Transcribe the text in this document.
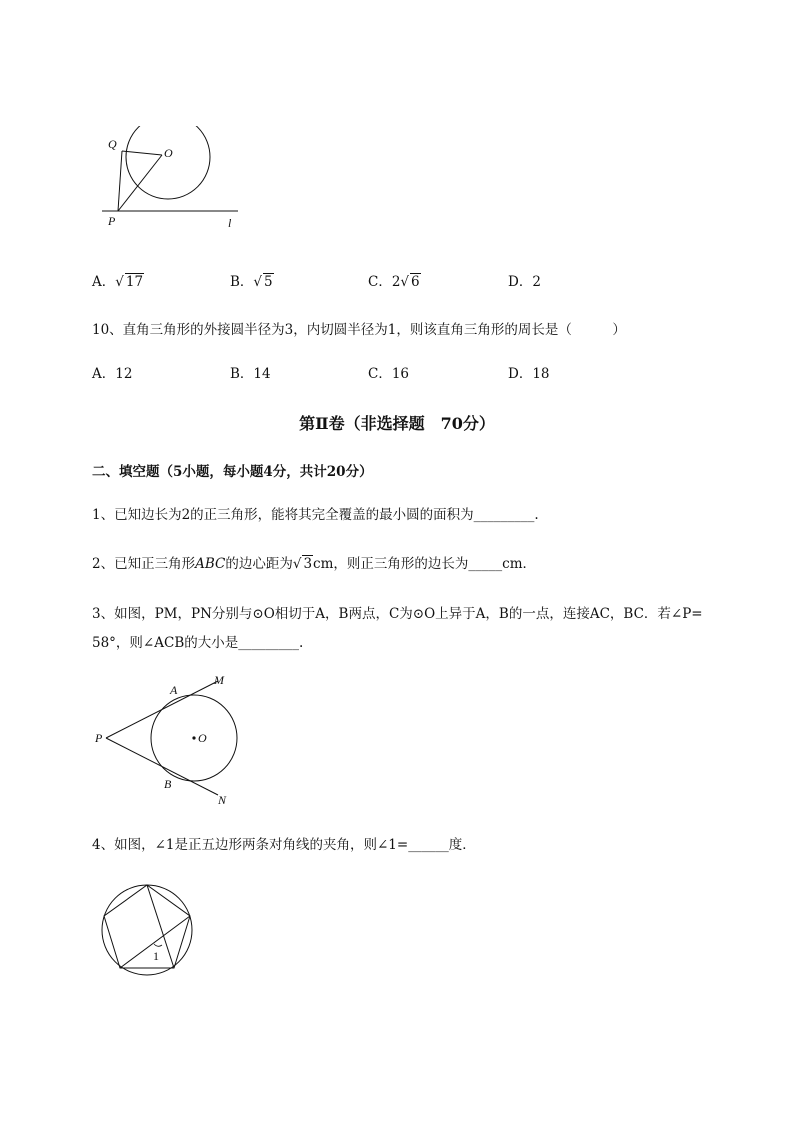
Q
O
P	l
A．√ 17	B．√ 5	C．2√ 6	D．2
10、直角三角形的外接圆半径为3，内切圆半径为1，则该直角三角形的周长是（　　　）
A．12	B．14	C．16	D．18
第Ⅱ卷（非选择题　70分）
二、填空题（5小题，每小题4分，共计20分）
1、已知边长为2的正三角形，能将其完全覆盖的最小圆的面积为_________.
2、已知正三角形ABC的边心距为√ 3cm，则正三角形的边长为_____cm．
3、如图，PM，PN分别与⊙O相切于A，B两点，C为⊙O上异于A，B的一点，连接AC，BC．若∠P=
58°，则∠ACB的大小是_________.
A
M
P	O
B
N
4、如图，∠1是正五边形两条对角线的夹角，则∠1=______度．
1
